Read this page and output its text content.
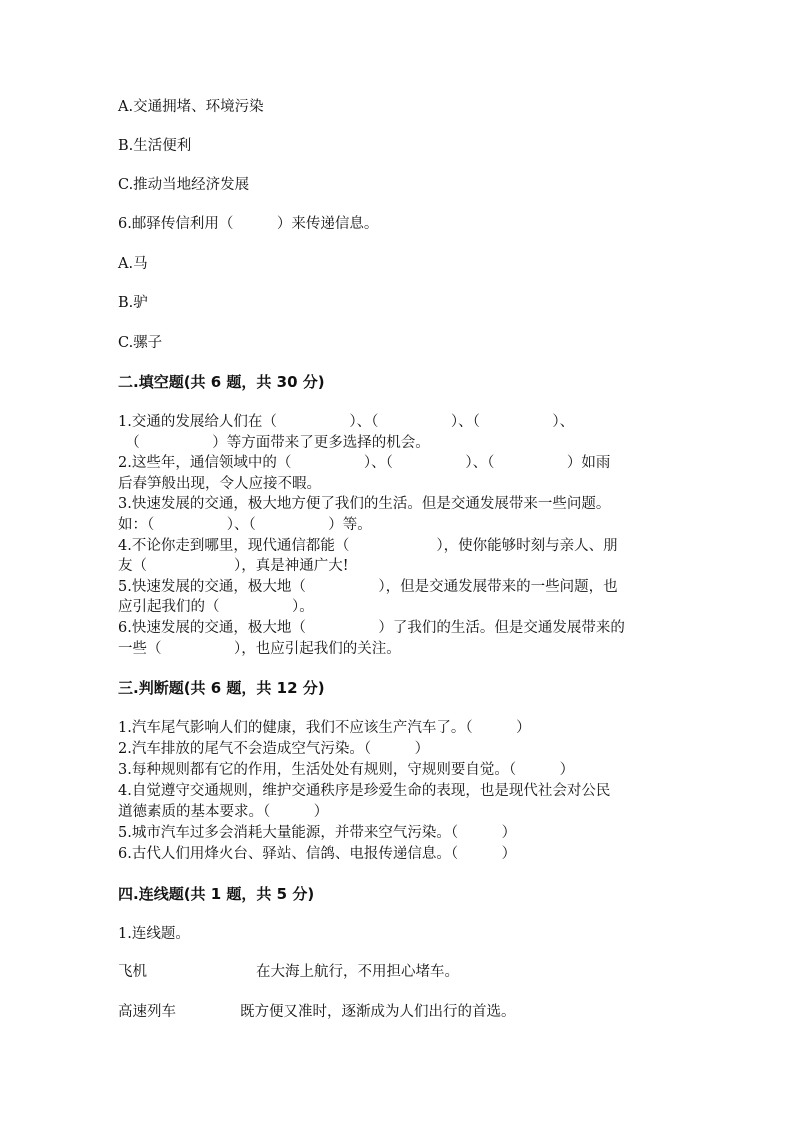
A.交通拥堵、环境污染
B.生活便利
C.推动当地经济发展
6.邮驿传信利用（　　　）来传递信息。
A.马
B.驴
C.骡子
二.填空题(共 6 题，共 30 分)
1.交通的发展给人们在（　　　　　）、（　　　　　）、（　　　　　）、
　（　　　　　）等方面带来了更多选择的机会。
2.这些年，通信领域中的（　　　　　）、（　　　　　）、（　　　　　）如雨
后春笋般出现，令人应接不暇。
3.快速发展的交通，极大地方便了我们的生活。但是交通发展带来一些问题。
如：（　　　　　）、（　　　　　）等。
4.不论你走到哪里，现代通信都能（　　　　　　），使你能够时刻与亲人、朋
友（　　　　　　），真是神通广大!
5.快速发展的交通，极大地（　　　　　），但是交通发展带来的一些问题，也
应引起我们的（　　　　　）。
6.快速发展的交通，极大地（　　　　　）了我们的生活。但是交通发展带来的
一些（　　　　　），也应引起我们的关注。
三.判断题(共 6 题，共 12 分)
1.汽车尾气影响人们的健康，我们不应该生产汽车了。（　　　）
2.汽车排放的尾气不会造成空气污染。（　　　）
3.每种规则都有它的作用，生活处处有规则，守规则要自觉。（　　　）
4.自觉遵守交通规则，维护交通秩序是珍爱生命的表现，也是现代社会对公民
道德素质的基本要求。（　　　）
5.城市汽车过多会消耗大量能源，并带来空气污染。（　　　）
6.古代人们用烽火台、驿站、信鸽、电报传递信息。（　　　）
四.连线题(共 1 题，共 5 分)
1.连线题。
飞机	在大海上航行，不用担心堵车。
高速列车	既方便又准时，逐渐成为人们出行的首选。
